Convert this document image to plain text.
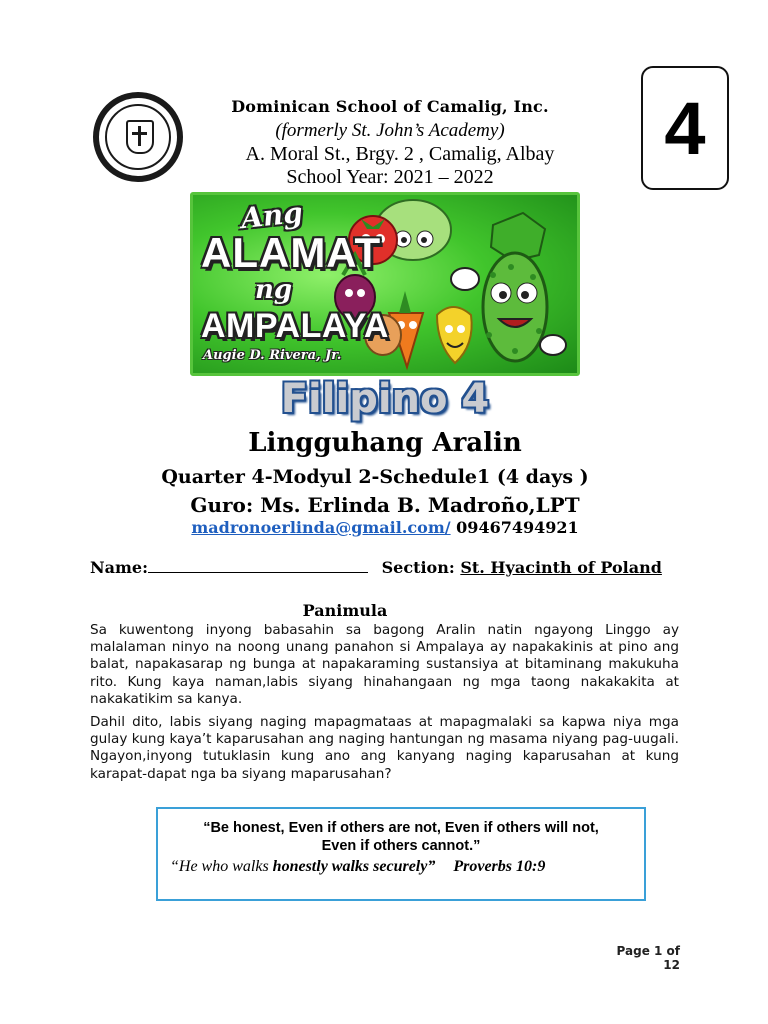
Dominican School of Camalig, Inc.
(formerly St. John’s Academy)
A. Moral St., Brgy. 2 , Camalig, Albay
School Year: 2021 – 2022
4
Ang
ALAMAT
ng
AMPALAYA
Augie D. Rivera, Jr.
Filipino 4
Lingguhang Aralin
Quarter 4-Modyul 2-Schedule1 (4 days )
Guro: Ms. Erlinda B. Madroño,LPT
madronoerlinda@gmail.com/ 09467494921
Name:	Section: St. Hyacinth of Poland
Panimula
Sa kuwentong inyong babasahin sa bagong Aralin natin ngayong Linggo ay malalaman ninyo na noong unang panahon si Ampalaya ay napakakinis at pino ang balat, napakasarap ng bunga at napakaraming sustansiya at bitaminang makukuha rito. Kung kaya naman,labis siyang hinahangaan ng mga taong nakakakita at nakakatikim sa kanya.
Dahil dito, labis siyang naging mapagmataas at mapagmalaki sa kapwa niya mga gulay kung kaya’t kaparusahan ang naging hantungan ng masama niyang pag-uugali. Ngayon,inyong tutuklasin kung ano ang kanyang naging kaparusahan at kung karapat-dapat nga ba siyang maparusahan?
“Be honest, Even if others are not, Even if others will not,
Even if others cannot.”
“He who walks honestly walks securely” Proverbs 10:9
Page 1 of 12
